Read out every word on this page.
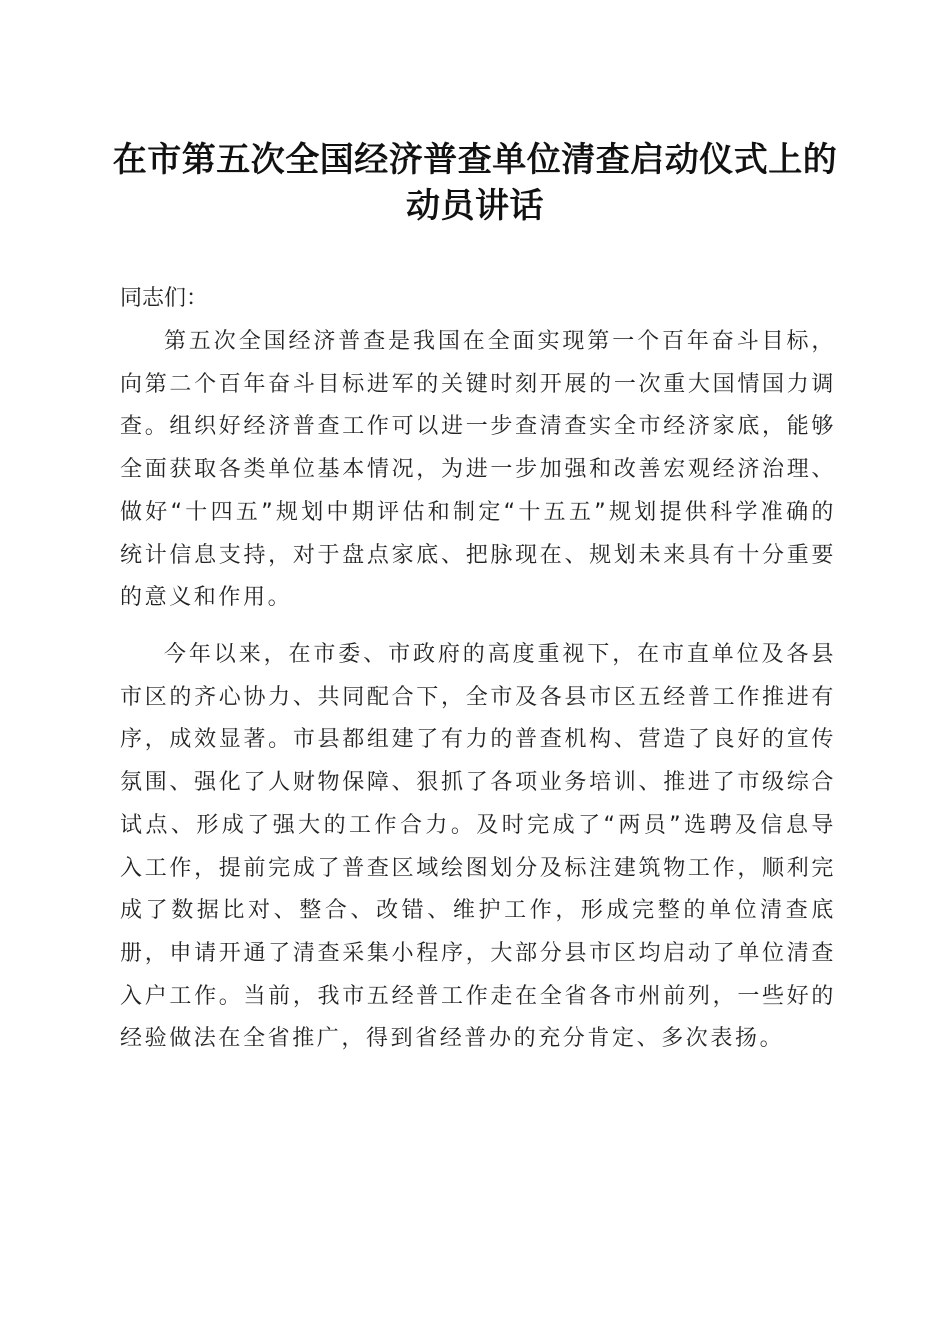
在市第五次全国经济普查单位清查启动仪式上的动员讲话

同志们：

第五次全国经济普查是我国在全面实现第一个百年奋斗目标，向第二个百年奋斗目标进军的关键时刻开展的一次重大国情国力调查。组织好经济普查工作可以进一步查清查实全市经济家底，能够全面获取各类单位基本情况，为进一步加强和改善宏观经济治理、做好“十四五”规划中期评估和制定“十五五”规划提供科学准确的统计信息支持，对于盘点家底、把脉现在、规划未来具有十分重要的意义和作用。

今年以来，在市委、市政府的高度重视下，在市直单位及各县市区的齐心协力、共同配合下，全市及各县市区五经普工作推进有序，成效显著。市县都组建了有力的普查机构、营造了良好的宣传氛围、强化了人财物保障、狠抓了各项业务培训、推进了市级综合试点、形成了强大的工作合力。及时完成了“两员”选聘及信息导入工作，提前完成了普查区域绘图划分及标注建筑物工作，顺利完成了数据比对、整合、改错、维护工作，形成完整的单位清查底册，申请开通了清查采集小程序，大部分县市区均启动了单位清查入户工作。当前，我市五经普工作走在全省各市州前列，一些好的经验做法在全省推广，得到省经普办的充分肯定、多次表扬。
